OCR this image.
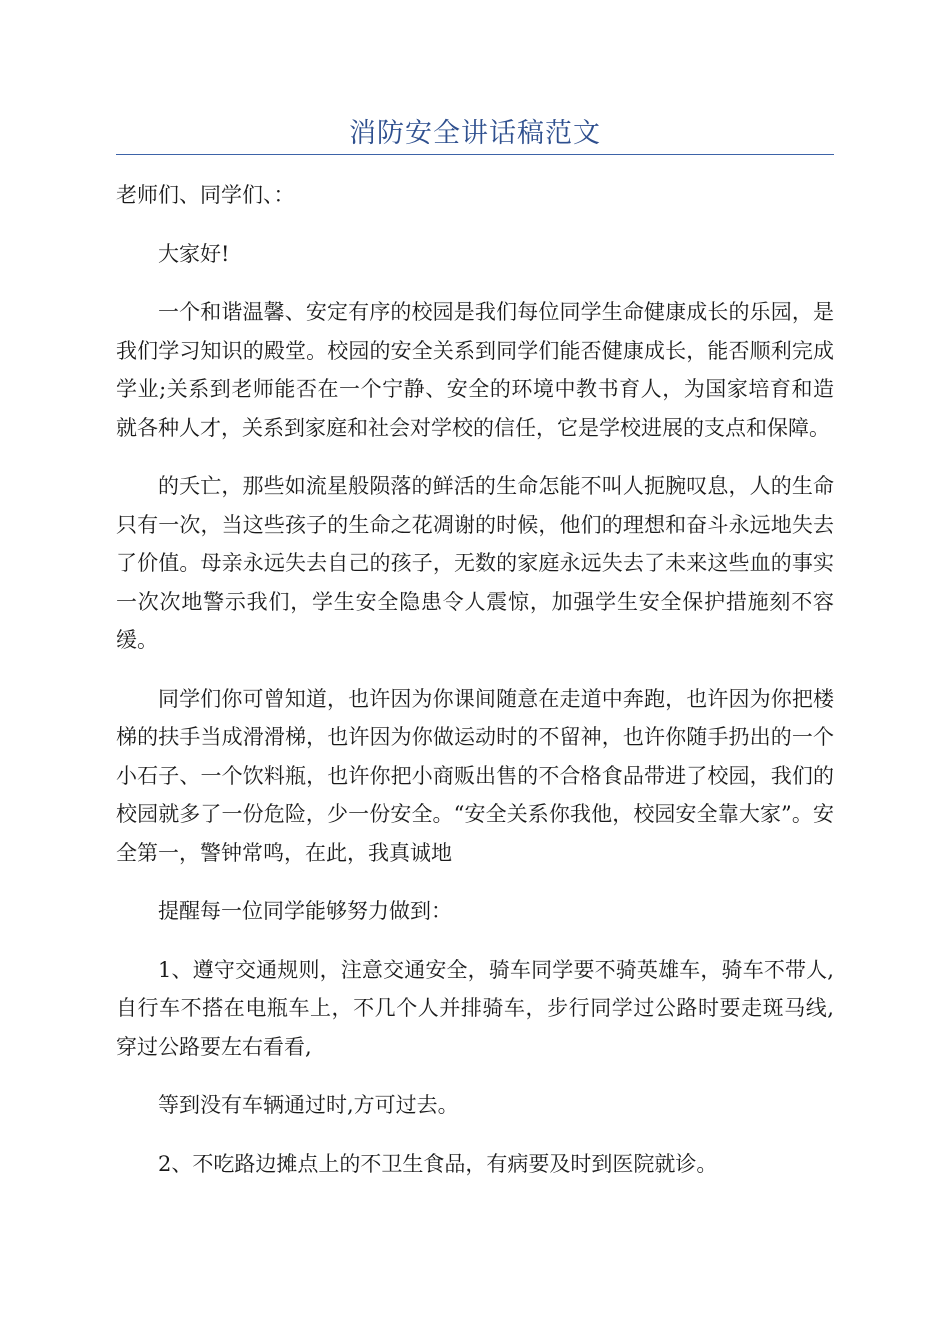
消防安全讲话稿范文

老师们、同学们、：

大家好!

一个和谐温馨、安定有序的校园是我们每位同学生命健康成长的乐园，是我们学习知识的殿堂。校园的安全关系到同学们能否健康成长，能否顺利完成学业;关系到老师能否在一个宁静、安全的环境中教书育人，为国家培育和造就各种人才，关系到家庭和社会对学校的信任，它是学校进展的支点和保障。

的夭亡，那些如流星般陨落的鲜活的生命怎能不叫人扼腕叹息，人的生命只有一次，当这些孩子的生命之花凋谢的时候，他们的理想和奋斗永远地失去了价值。母亲永远失去自己的孩子，无数的家庭永远失去了未来这些血的事实一次次地警示我们，学生安全隐患令人震惊，加强学生安全保护措施刻不容缓。

同学们你可曾知道，也许因为你课间随意在走道中奔跑，也许因为你把楼梯的扶手当成滑滑梯，也许因为你做运动时的不留神，也许你随手扔出的一个小石子、一个饮料瓶，也许你把小商贩出售的不合格食品带进了校园，我们的校园就多了一份危险，少一份安全。“安全关系你我他，校园安全靠大家”。安全第一，警钟常鸣，在此，我真诚地

提醒每一位同学能够努力做到：

1、遵守交通规则，注意交通安全，骑车同学要不骑英雄车，骑车不带人,自行车不搭在电瓶车上，不几个人并排骑车，步行同学过公路时要走斑马线,穿过公路要左右看看,

等到没有车辆通过时,方可过去。

2、不吃路边摊点上的不卫生食品，有病要及时到医院就诊。
